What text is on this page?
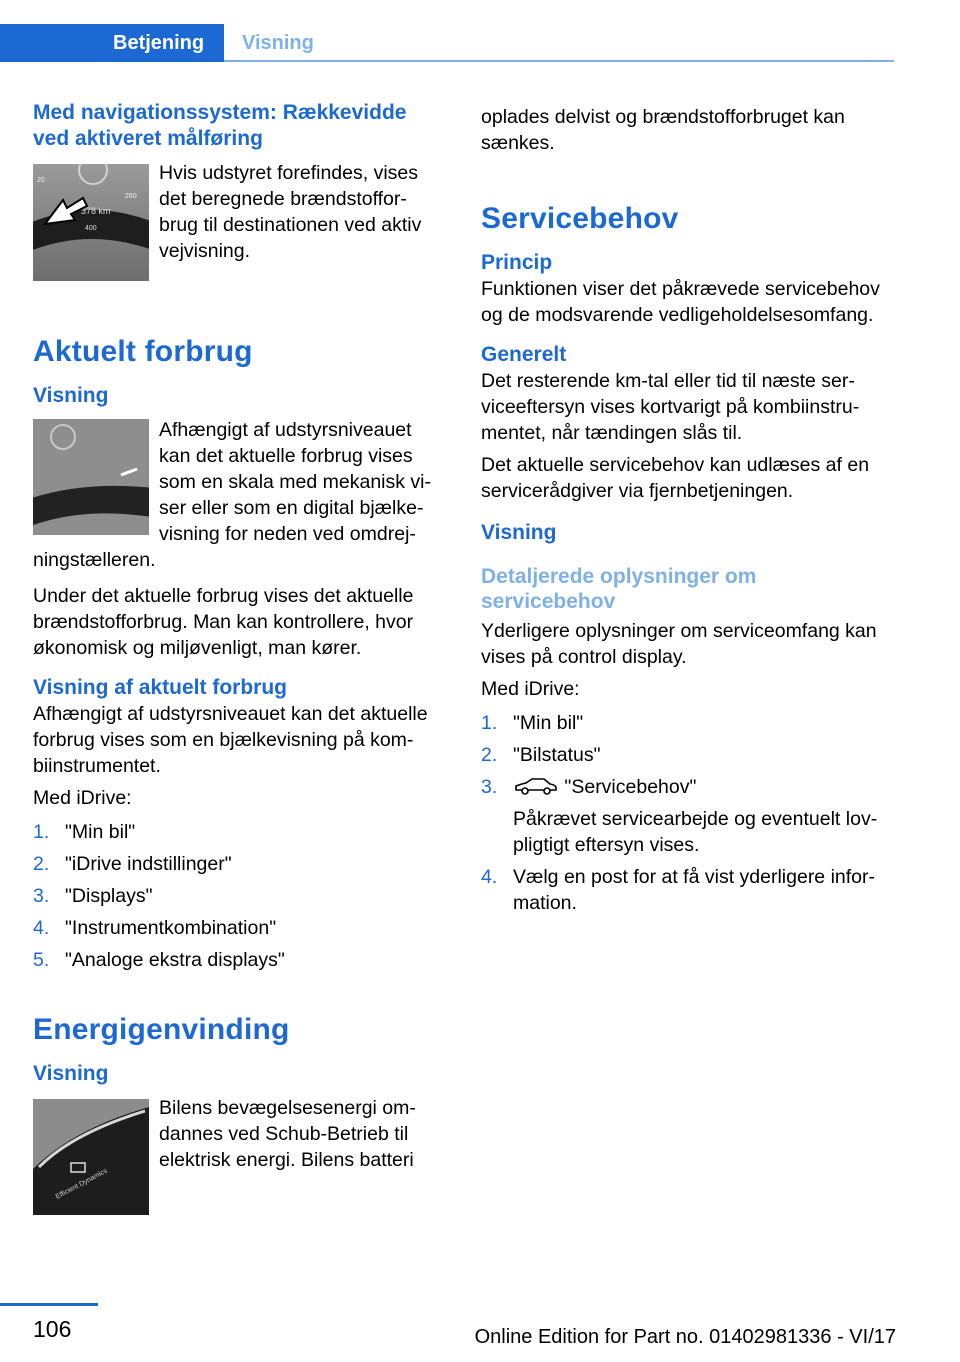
Betjening	Visning
Med navigationssystem: Rækkevidde ved aktiveret målføring
378 km
400
20
260

Hvis udstyret forefindes, vises det beregnede brændstoffor-brug til destinationen ved aktiv vejvisning.

Aktuelt forbrug
Visning

Afhængigt af udstyrsniveauet kan det aktuelle forbrug vises som en skala med mekanisk vi-ser eller som en digital bjælke-visning for neden ved omdrej-ningstælleren.

Under det aktuelle forbrug vises det aktuelle brændstofforbrug. Man kan kontrollere, hvor økonomisk og miljøvenligt, man kører.

Visning af aktuelt forbrug

Afhængigt af udstyrsniveauet kan det aktuelle forbrug vises som en bjælkevisning på kom-biinstrumentet.

Med iDrive:

1. "Min bil"
2. "iDrive indstillinger"
3. "Displays"
4. "Instrumentkombination"
5. "Analoge ekstra displays"
Energigenvinding
Visning
Efficient Dynamics

Bilens bevægelsesenergi om-dannes ved Schub-Betrieb til elektrisk energi. Bilens batteri

oplades delvist og brændstofforbruget kan sænkes.

Servicebehov
Princip

Funktionen viser det påkrævede servicebehov og de modsvarende vedligeholdelsesomfang.

Generelt

Det resterende km-tal eller tid til næste ser-viceeftersyn vises kortvarigt på kombiinstru-mentet, når tændingen slås til.

Det aktuelle servicebehov kan udlæses af en servicerådgiver via fjernbetjeningen.

Visning
Detaljerede oplysninger om servicebehov

Yderligere oplysninger om serviceomfang kan vises på control display.

Med iDrive:

1. "Min bil"
2. "Bilstatus"
3.	"Servicebehov"
Påkrævet servicearbejde og eventuelt lov-pligtigt eftersyn vises.
4. Vælg en post for at få vist yderligere infor-mation.
106	Online Edition for Part no. 01402981336 - VI/17
